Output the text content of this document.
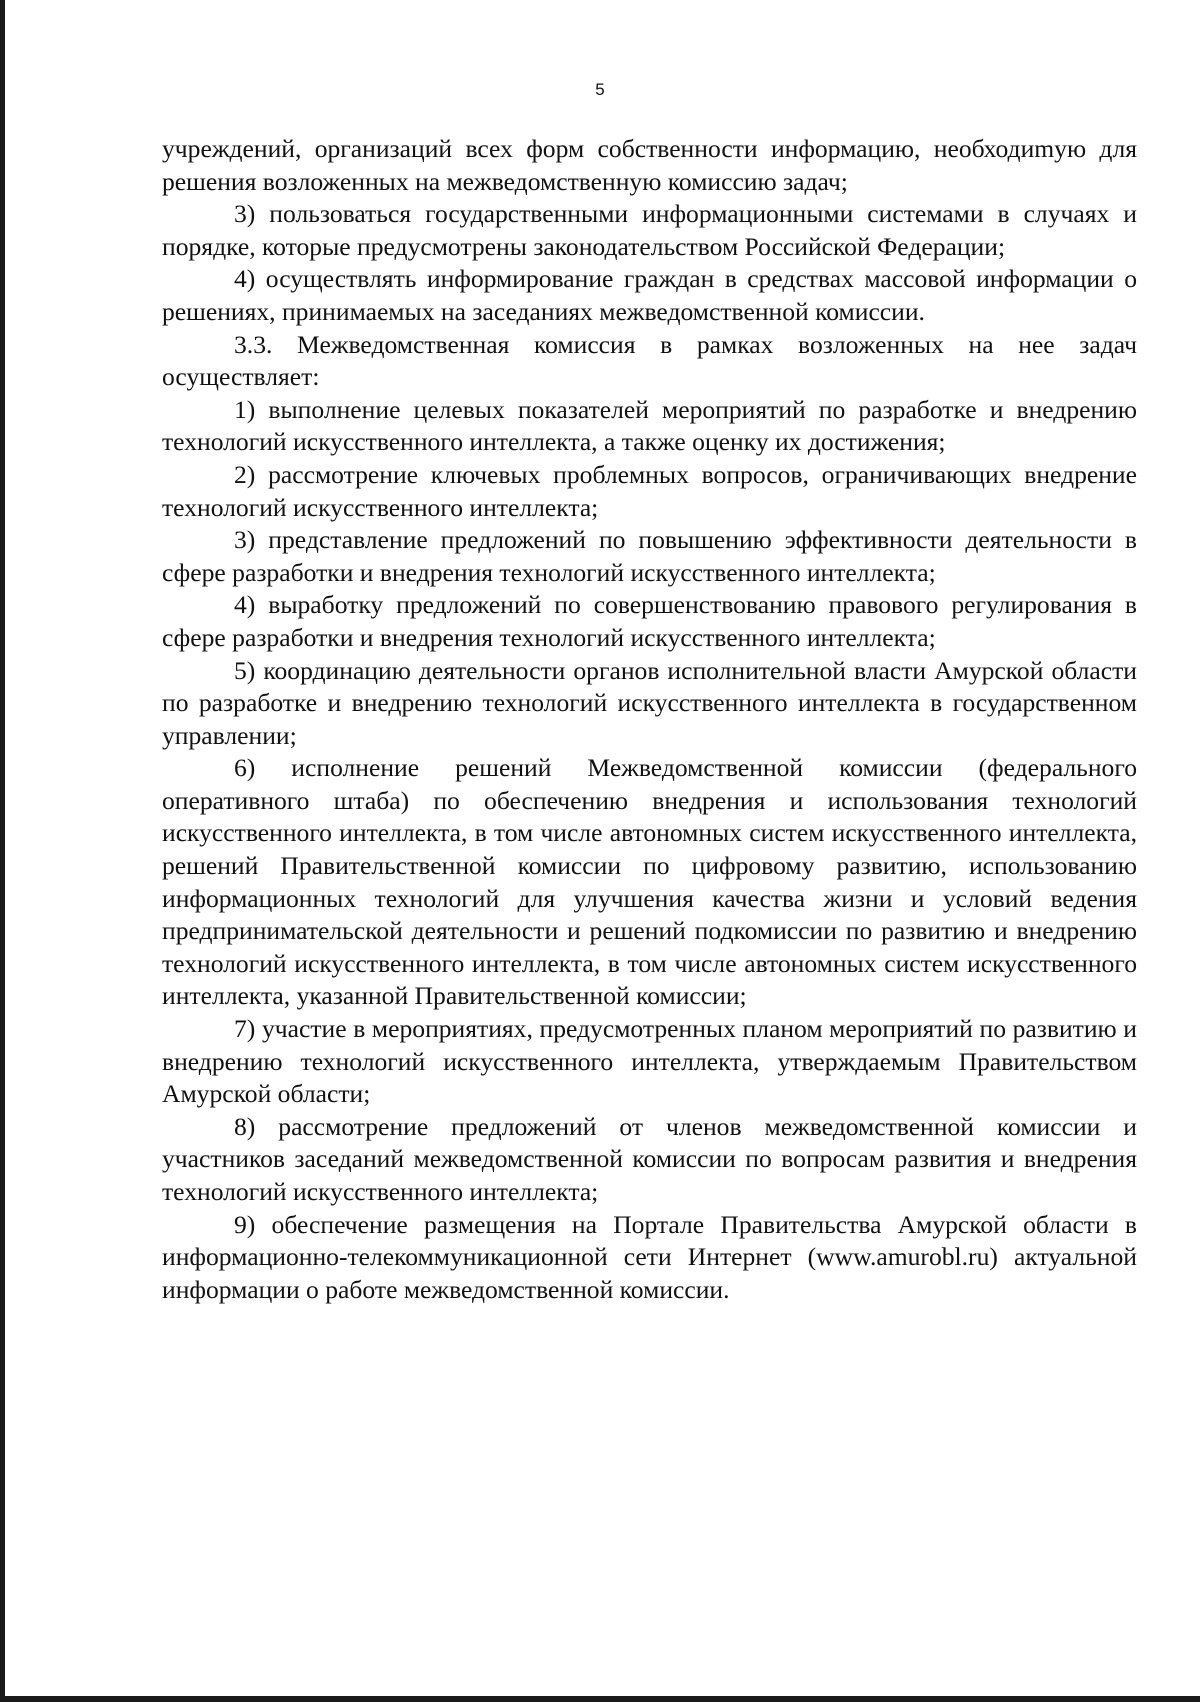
5

учреждений, организаций всех форм собственности информацию, необходиmую для решения возложенных на межведомственную комиссию задач;

3) пользоваться государственными информационными системами в случаях и порядке, которые предусмотрены законодательством Российской Федерации;

4) осуществлять информирование граждан в средствах массовой информации о решениях, принимаемых на заседаниях межведомственной комиссии.

3.3. Межведомственная комиссия в рамках возложенных на нее задач осуществляет:

1) выполнение целевых показателей мероприятий по разработке и внедрению технологий искусственного интеллекта, а также оценку их достижения;

2) рассмотрение ключевых проблемных вопросов, ограничивающих внедрение технологий искусственного интеллекта;

3) представление предложений по повышению эффективности деятельности в сфере разработки и внедрения технологий искусственного интеллекта;

4) выработку предложений по совершенствованию правового регулирования в сфере разработки и внедрения технологий искусственного интеллекта;

5) координацию деятельности органов исполнительной власти Амурской области по разработке и внедрению технологий искусственного интеллекта в государственном управлении;

6) исполнение решений Межведомственной комиссии (федерального оперативного штаба) по обеспечению внедрения и использования технологий искусственного интеллекта, в том числе автономных систем искусственного интеллекта, решений Правительственной комиссии по цифровому развитию, использованию информационных технологий для улучшения качества жизни и условий ведения предпринимательской деятельности и решений подкомиссии по развитию и внедрению технологий искусственного интеллекта, в том числе автономных систем искусственного интеллекта, указанной Правительственной комиссии;

7) участие в мероприятиях, предусмотренных планом мероприятий по развитию и внедрению технологий искусственного интеллекта, утверждаемым Правительством Амурской области;

8) рассмотрение предложений от членов межведомственной комиссии и участников заседаний межведомственной комиссии по вопросам развития и внедрения технологий искусственного интеллекта;

9) обеспечение размещения на Портале Правительства Амурской области в информационно-телекоммуникационной сети Интернет (www.amurobl.ru) актуальной информации о работе межведомственной комиссии.
